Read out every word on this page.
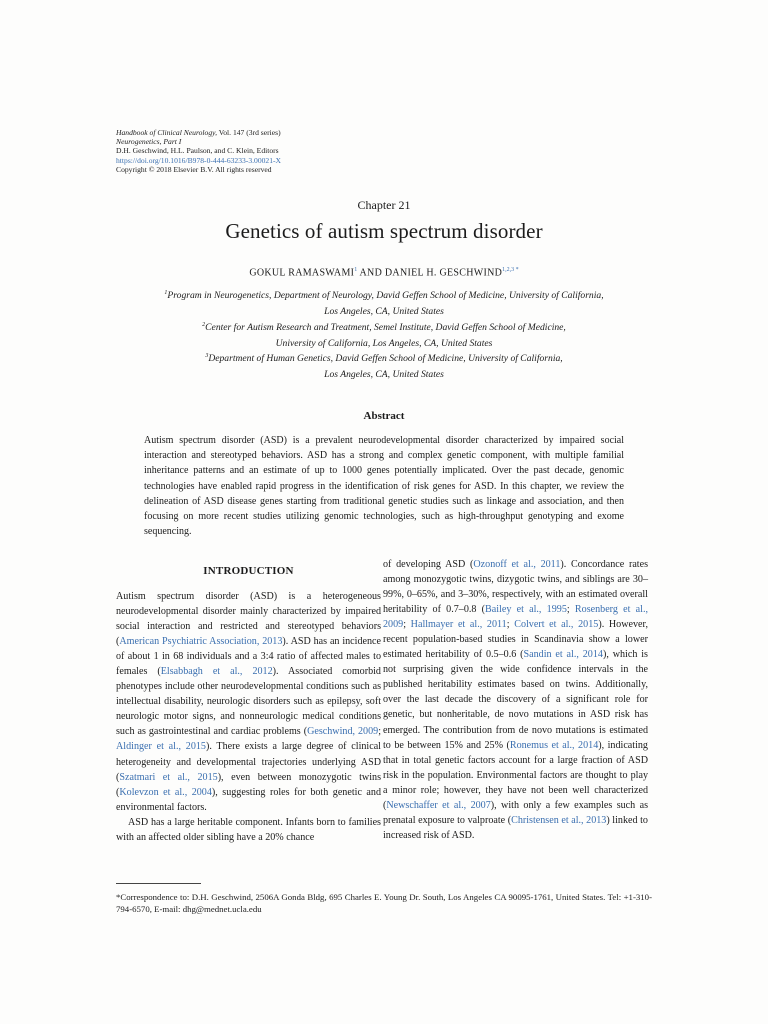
Handbook of Clinical Neurology, Vol. 147 (3rd series)
Neurogenetics, Part I
D.H. Geschwind, H.L. Paulson, and C. Klein, Editors
https://doi.org/10.1016/B978-0-444-63233-3.00021-X
Copyright © 2018 Elsevier B.V. All rights reserved
Chapter 21
Genetics of autism spectrum disorder
GOKUL RAMASWAMI$^1$ AND DANIEL H. $GESCHWIND^{1,2,3 *}$
$^1$Program in Neurogenetics, Department of Neurology, David Geffen School of Medicine, University of California,
Los Angeles, CA, United States
$^2$Center for Autism Research and Treatment, Semel Institute, David Geffen School of Medicine,
University of California, Los Angeles, CA, United States
$^3$Department of Human Genetics, David Geffen School of Medicine, University of California,
Los Angeles, CA, United States
Abstract
Autism spectrum disorder (ASD) is a prevalent neurodevelopmental disorder characterized by impaired social interaction and stereotyped behaviors. ASD has a strong and complex genetic component, with multiple familial inheritance patterns and an estimate of up to 1000 genes potentially implicated. Over the past decade, genomic technologies have enabled rapid progress in the identification of risk genes for ASD. In this chapter, we review the delineation of ASD disease genes starting from traditional genetic studies such as linkage and association, and then focusing on more recent studies utilizing genomic technologies, such as high-throughput genotyping and exome sequencing.
INTRODUCTION

Autism spectrum disorder (ASD) is a heterogeneous neurodevelopmental disorder mainly characterized by impaired social interaction and restricted and stereotyped behaviors (American Psychiatric Association, 2013). ASD has an incidence of about 1 in 68 individuals and a 3:4 ratio of affected males to females (Elsabbagh et al., 2012). Associated comorbid phenotypes include other neurodevelopmental conditions such as intellectual disability, neurologic disorders such as epilepsy, soft neurologic motor signs, and nonneurologic medical conditions such as gastrointestinal and cardiac problems (Geschwind, 2009; Aldinger et al., 2015). There exists a large degree of clinical heterogeneity and developmental trajectories underlying ASD (Szatmari et al., 2015), even between monozygotic twins (Kolevzon et al., 2004), suggesting roles for both genetic and environmental factors.

ASD has a large heritable component. Infants born to families with an affected older sibling have a 20% chance

of developing ASD (Ozonoff et al., 2011). Concordance rates among monozygotic twins, dizygotic twins, and siblings are 30–99%, 0–65%, and 3–30%, respectively, with an estimated overall heritability of 0.7–0.8 (Bailey et al., 1995; Rosenberg et al., 2009; Hallmayer et al., 2011; Colvert et al., 2015). However, recent population-based studies in Scandinavia show a lower estimated heritability of 0.5–0.6 (Sandin et al., 2014), which is not surprising given the wide confidence intervals in the published heritability estimates based on twins. Additionally, over the last decade the discovery of a significant role for genetic, but nonheritable, de novo mutations in ASD risk has emerged. The contribution from de novo mutations is estimated to be between 15% and 25% (Ronemus et al., 2014), indicating that in total genetic factors account for a large fraction of ASD risk in the population. Environmental factors are thought to play a minor role; however, they have not been well characterized (Newschaffer et al., 2007), with only a few examples such as prenatal exposure to valproate (Christensen et al., 2013) linked to increased risk of ASD.

*Correspondence to: D.H. Geschwind, 2506A Gonda Bldg, 695 Charles E. Young Dr. South, Los Angeles CA 90095-1761, United States. Tel: +1-310-794-6570, E-mail: dhg@mednet.ucla.edu
